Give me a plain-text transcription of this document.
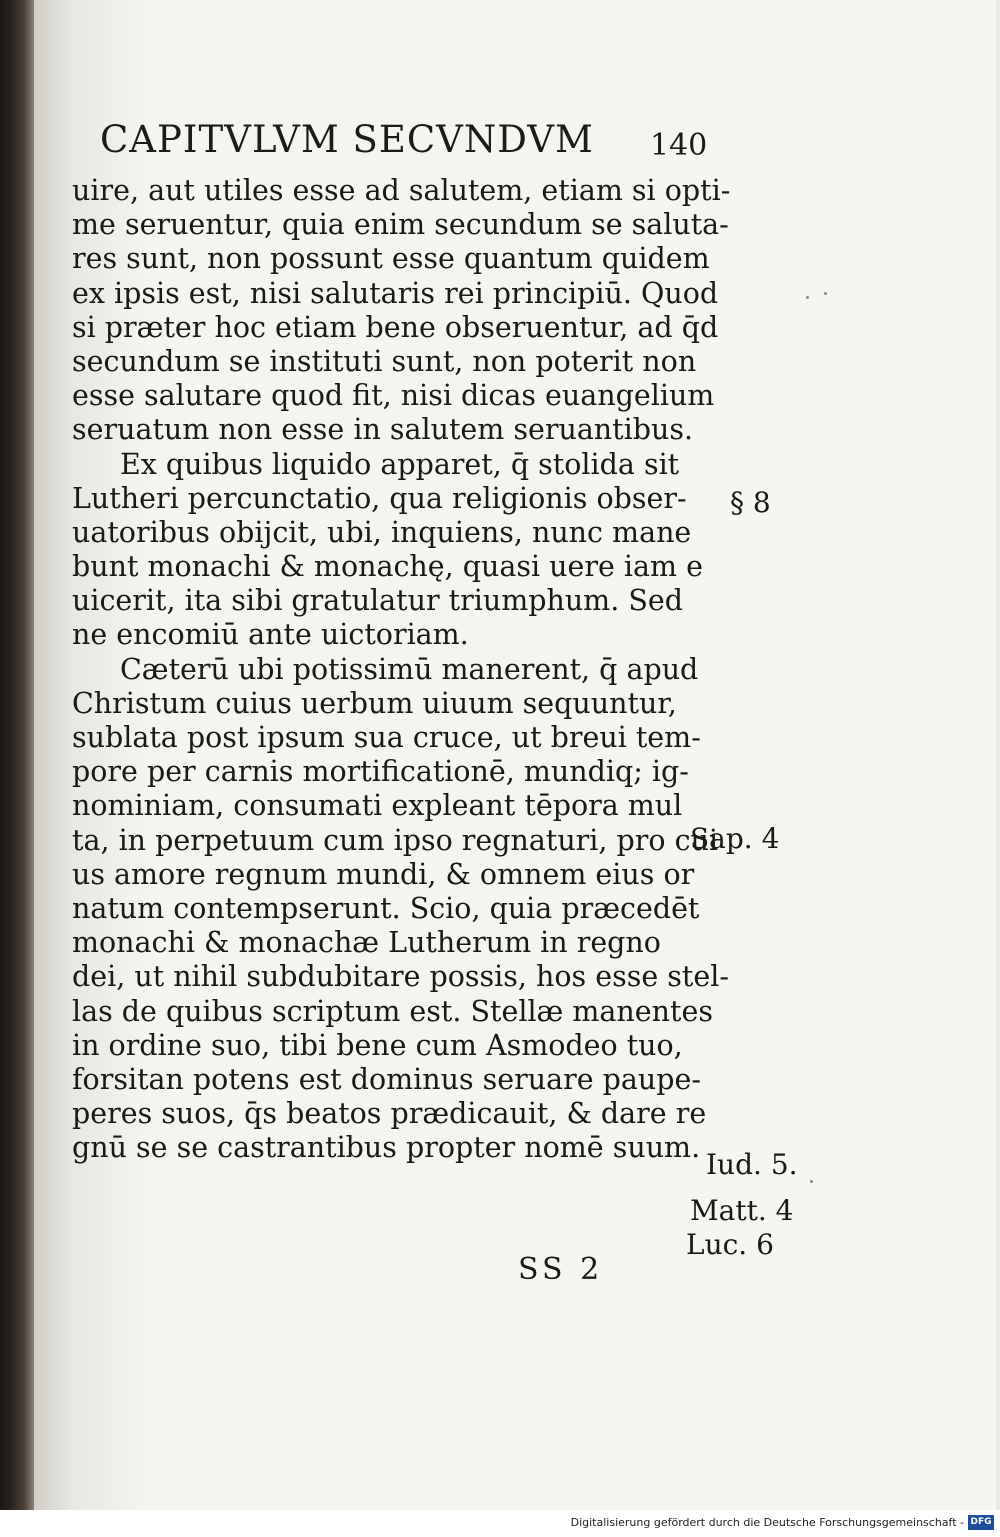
CAPITVLVM SECVNDVM	140
uire, aut utiles esse ad salutem, etiam si opti-
me seruentur, quia enim secundum se saluta-
res sunt, non possunt esse quantum quidem
ex ipsis est, nisi salutaris rei principiū. Quod
si præter hoc etiam bene obseruentur, ad q̄d
secundum se instituti sunt, non poterit non
esse salutare quod fit, nisi dicas euangelium
seruatum non esse in salutem seruantibus.
Ex quibus liquido apparet, q̄ stolida sit
Lutheri percunctatio, qua religionis obser-
uatoribus obijcit, ubi, inquiens, nunc mane
bunt monachi & monachę, quasi uere iam e
uicerit, ita sibi gratulatur triumphum. Sed
ne encomiū ante uictoriam.
Cæterū ubi potissimū manerent, q̄ apud
Christum cuius uerbum uiuum sequuntur,
sublata post ipsum sua cruce, ut breui tem-
pore per carnis mortificationē, mundiq; ig-
nominiam, consumati expleant tēpora mul
ta, in perpetuum cum ipso regnaturi, pro cui
us amore regnum mundi, & omnem eius or
natum contempserunt. Scio, quia præcedēt
monachi & monachæ Lutherum in regno
dei, ut nihil subdubitare possis, hos esse stel-
las de quibus scriptum est. Stellæ manentes
in ordine suo, tibi bene cum Asmodeo tuo,
forsitan potens est dominus seruare paupe-
peres suos, q̄s beatos prædicauit, & dare re
gnū se se castrantibus propter nomē suum.
§ 8
Sap. 4
Iud. 5.
Matt. 4
Luc. 6
SS 2
Digitalisierung gefördert durch die Deutsche Forschungsgemeinschaft - DFG
